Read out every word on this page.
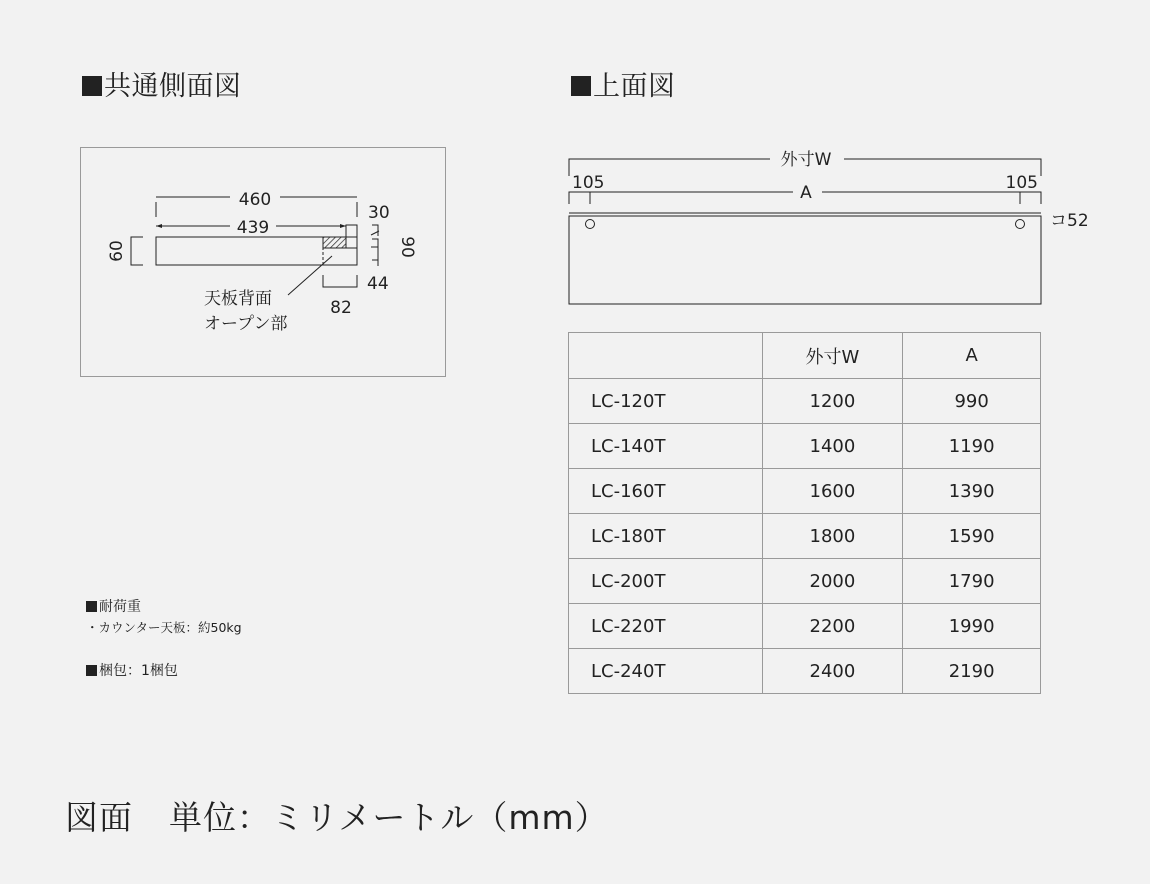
共通側面図	上面図
460
439
30
44
82
60	90
天板背面
オープン部
外寸W
A
105	105
コ52
	外寸W	A
LC-120T	1200	990
LC-140T	1400	1190
LC-160T	1600	1390
LC-180T	1800	1590
LC-200T	2000	1790
LC-220T	2200	1990
LC-240T	2400	2190
耐荷重
・カウンター天板：約50kg
梱包：1梱包
図面 単位：ミリメートル（mm）
